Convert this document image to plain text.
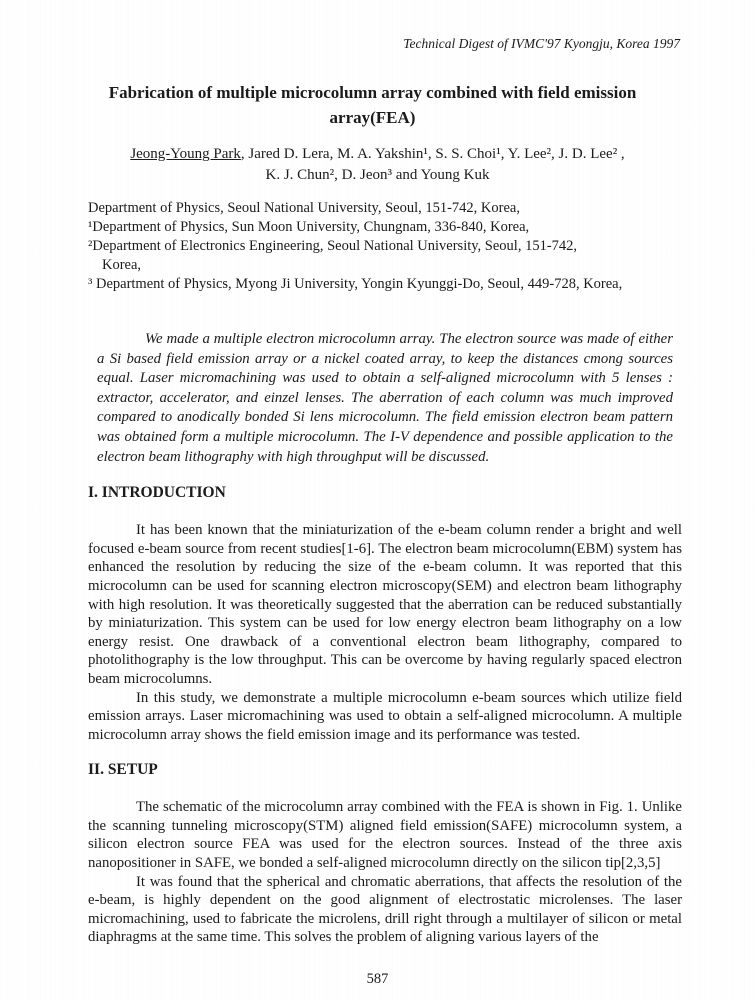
Technical Digest of IVMC'97 Kyongju, Korea 1997
Fabrication of multiple microcolumn array combined with field emission
array(FEA)
Jeong-Young Park, Jared D. Lera, M. A. Yakshin¹, S. S. Choi¹, Y. Lee², J. D. Lee² ,
K. J. Chun², D. Jeon³ and Young Kuk
Department of Physics, Seoul National University, Seoul, 151-742, Korea,
¹Department of Physics, Sun Moon University, Chungnam, 336-840, Korea,
²Department of Electronics Engineering, Seoul National University, Seoul, 151-742,
Korea,
³ Department of Physics, Myong Ji University, Yongin Kyunggi-Do, Seoul, 449-728, Korea,

We made a multiple electron microcolumn array. The electron source was made of either a Si based field emission array or a nickel coated array, to keep the distances cmong sources equal. Laser micromachining was used to obtain a self-aligned microcolumn with 5 lenses : extractor, accelerator, and einzel lenses. The aberration of each column was much improved compared to anodically bonded Si lens microcolumn. The field emission electron beam pattern was obtained form a multiple microcolumn. The I-V dependence and possible application to the electron beam lithography with high throughput will be discussed.

I. INTRODUCTION

It has been known that the miniaturization of the e-beam column render a bright and well focused e-beam source from recent studies[1-6]. The electron beam microcolumn(EBM) system has enhanced the resolution by reducing the size of the e-beam column. It was reported that this microcolumn can be used for scanning electron microscopy(SEM) and electron beam lithography with high resolution. It was theoretically suggested that the aberration can be reduced substantially by miniaturization. This system can be used for low energy electron beam lithography on a low energy resist. One drawback of a conventional electron beam lithography, compared to photolithography is the low throughput. This can be overcome by having regularly spaced electron beam microcolumns.

In this study, we demonstrate a multiple microcolumn e-beam sources which utilize field emission arrays. Laser micromachining was used to obtain a self-aligned microcolumn. A multiple microcolumn array shows the field emission image and its performance was tested.

II. SETUP

The schematic of the microcolumn array combined with the FEA is shown in Fig. 1. Unlike the scanning tunneling microscopy(STM) aligned field emission(SAFE) microcolumn system, a silicon electron source FEA was used for the electron sources. Instead of the three axis nanopositioner in SAFE, we bonded a self-aligned microcolumn directly on the silicon tip[2,3,5]

It was found that the spherical and chromatic aberrations, that affects the resolution of the e-beam, is highly dependent on the good alignment of electrostatic microlenses. The laser micromachining, used to fabricate the microlens, drill right through a multilayer of silicon or metal diaphragms at the same time. This solves the problem of aligning various layers of the

587
